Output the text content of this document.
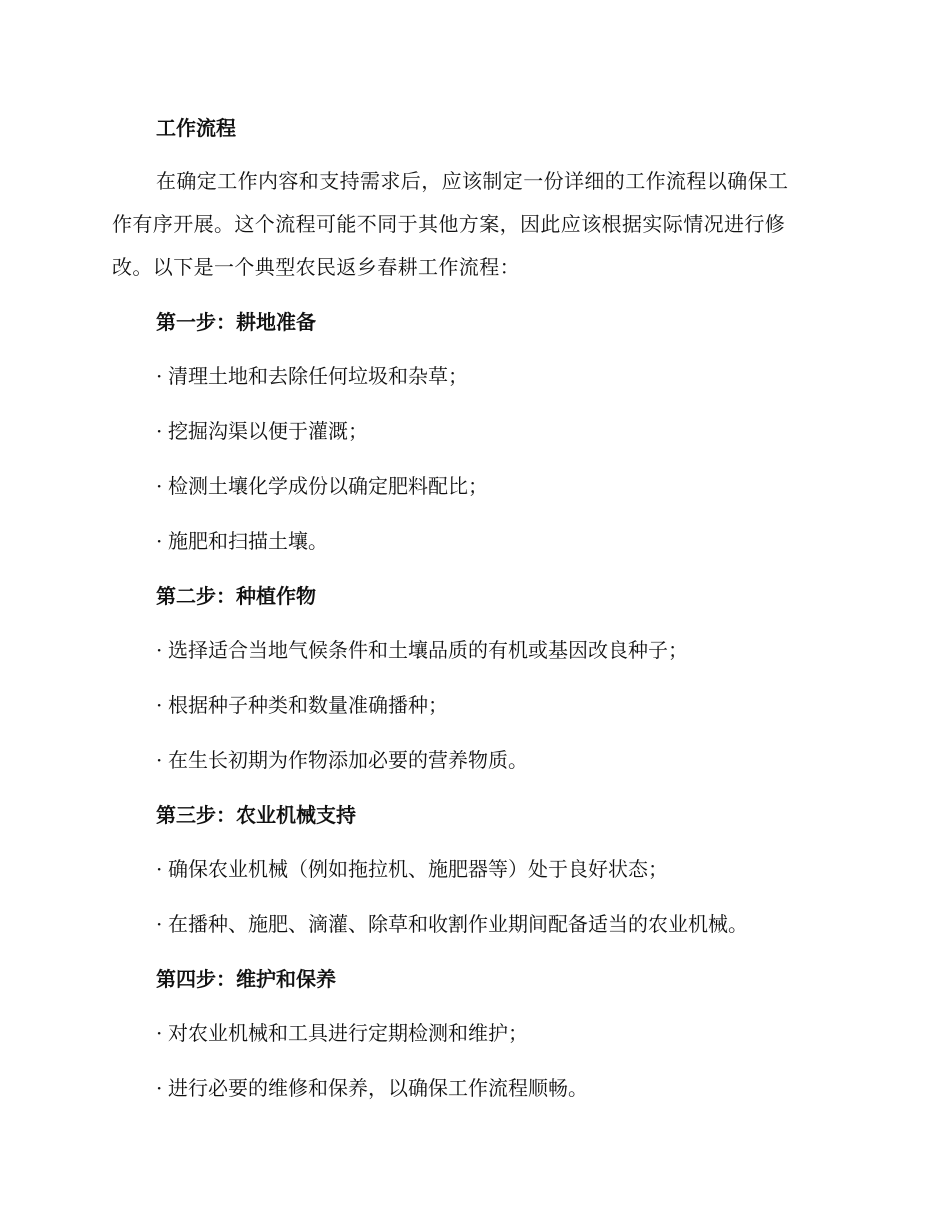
工作流程
在确定工作内容和支持需求后，应该制定一份详细的工作流程以确保工
作有序开展。这个流程可能不同于其他方案，因此应该根据实际情况进行修
改。以下是一个典型农民返乡春耕工作流程：
第一步：耕地准备
· 清理土地和去除任何垃圾和杂草；
· 挖掘沟渠以便于灌溉；
· 检测土壤化学成份以确定肥料配比；
· 施肥和扫描土壤。
第二步：种植作物
· 选择适合当地气候条件和土壤品质的有机或基因改良种子；
· 根据种子种类和数量准确播种；
· 在生长初期为作物添加必要的营养物质。
第三步：农业机械支持
· 确保农业机械（例如拖拉机、施肥器等）处于良好状态；
· 在播种、施肥、滴灌、除草和收割作业期间配备适当的农业机械。
第四步：维护和保养
· 对农业机械和工具进行定期检测和维护；
· 进行必要的维修和保养，以确保工作流程顺畅。
